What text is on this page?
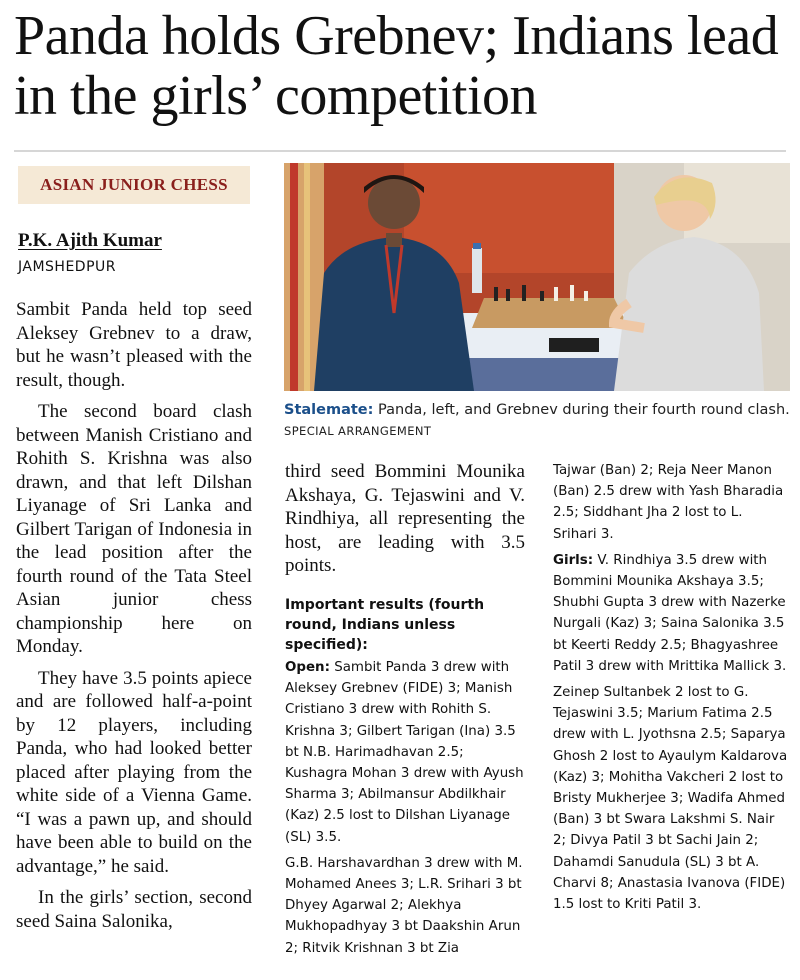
Panda holds Grebnev; Indians lead in the girls’ competition
ASIAN JUNIOR CHESS
P.K. Ajith Kumar
JAMSHEDPUR

Sambit Panda held top seed Aleksey Grebnev to a draw, but he wasn’t pleased with the result, though.

The second board clash between Manish Cristiano and Rohith S. Krishna was also drawn, and that left Dilshan Liyanage of Sri Lanka and Gilbert Tarigan of Indonesia in the lead position after the fourth round of the Tata Steel Asian junior chess championship here on Monday.

They have 3.5 points apiece and are followed half-a-point by 12 players, including Panda, who had looked better placed after playing from the white side of a Vienna Game. “I was a pawn up, and should have been able to build on the advantage,” he said.

In the girls’ section, second seed Saina Salonika,

Stalemate: Panda, left, and Grebnev during their fourth round clash. SPECIAL ARRANGEMENT
third seed Bommini Mounika Akshaya, G. Tejaswini and V. Rindhiya, all representing the host, are leading with 3.5 points.
Important results (fourth round, Indians unless specified):

Open: Sambit Panda 3 drew with Aleksey Grebnev (FIDE) 3; Manish Cristiano 3 drew with Rohith S. Krishna 3; Gilbert Tarigan (Ina) 3.5 bt N.B. Harimadhavan 2.5; Kushagra Mohan 3 drew with Ayush Sharma 3; Abilmansur Abdilkhair (Kaz) 2.5 lost to Dilshan Liyanage (SL) 3.5.

G.B. Harshavardhan 3 drew with M. Mohamed Anees 3; L.R. Srihari 3 bt Dhyey Agarwal 2; Alekhya Mukhopadhyay 3 bt Daakshin Arun 2; Ritvik Krishnan 3 bt Zia

Tajwar (Ban) 2; Reja Neer Manon (Ban) 2.5 drew with Yash Bharadia 2.5; Siddhant Jha 2 lost to L. Srihari 3.

Girls: V. Rindhiya 3.5 drew with Bommini Mounika Akshaya 3.5; Shubhi Gupta 3 drew with Nazerke Nurgali (Kaz) 3; Saina Salonika 3.5 bt Keerti Reddy 2.5; Bhagyashree Patil 3 drew with Mrittika Mallick 3.

Zeinep Sultanbek 2 lost to G. Tejaswini 3.5; Marium Fatima 2.5 drew with L. Jyothsna 2.5; Saparya Ghosh 2 lost to Ayaulym Kaldarova (Kaz) 3; Mohitha Vakcheri 2 lost to Bristy Mukherjee 3; Wadifa Ahmed (Ban) 3 bt Swara Lakshmi S. Nair 2; Divya Patil 3 bt Sachi Jain 2; Dahamdi Sanudula (SL) 3 bt A. Charvi 8; Anastasia Ivanova (FIDE) 1.5 lost to Kriti Patil 3.
